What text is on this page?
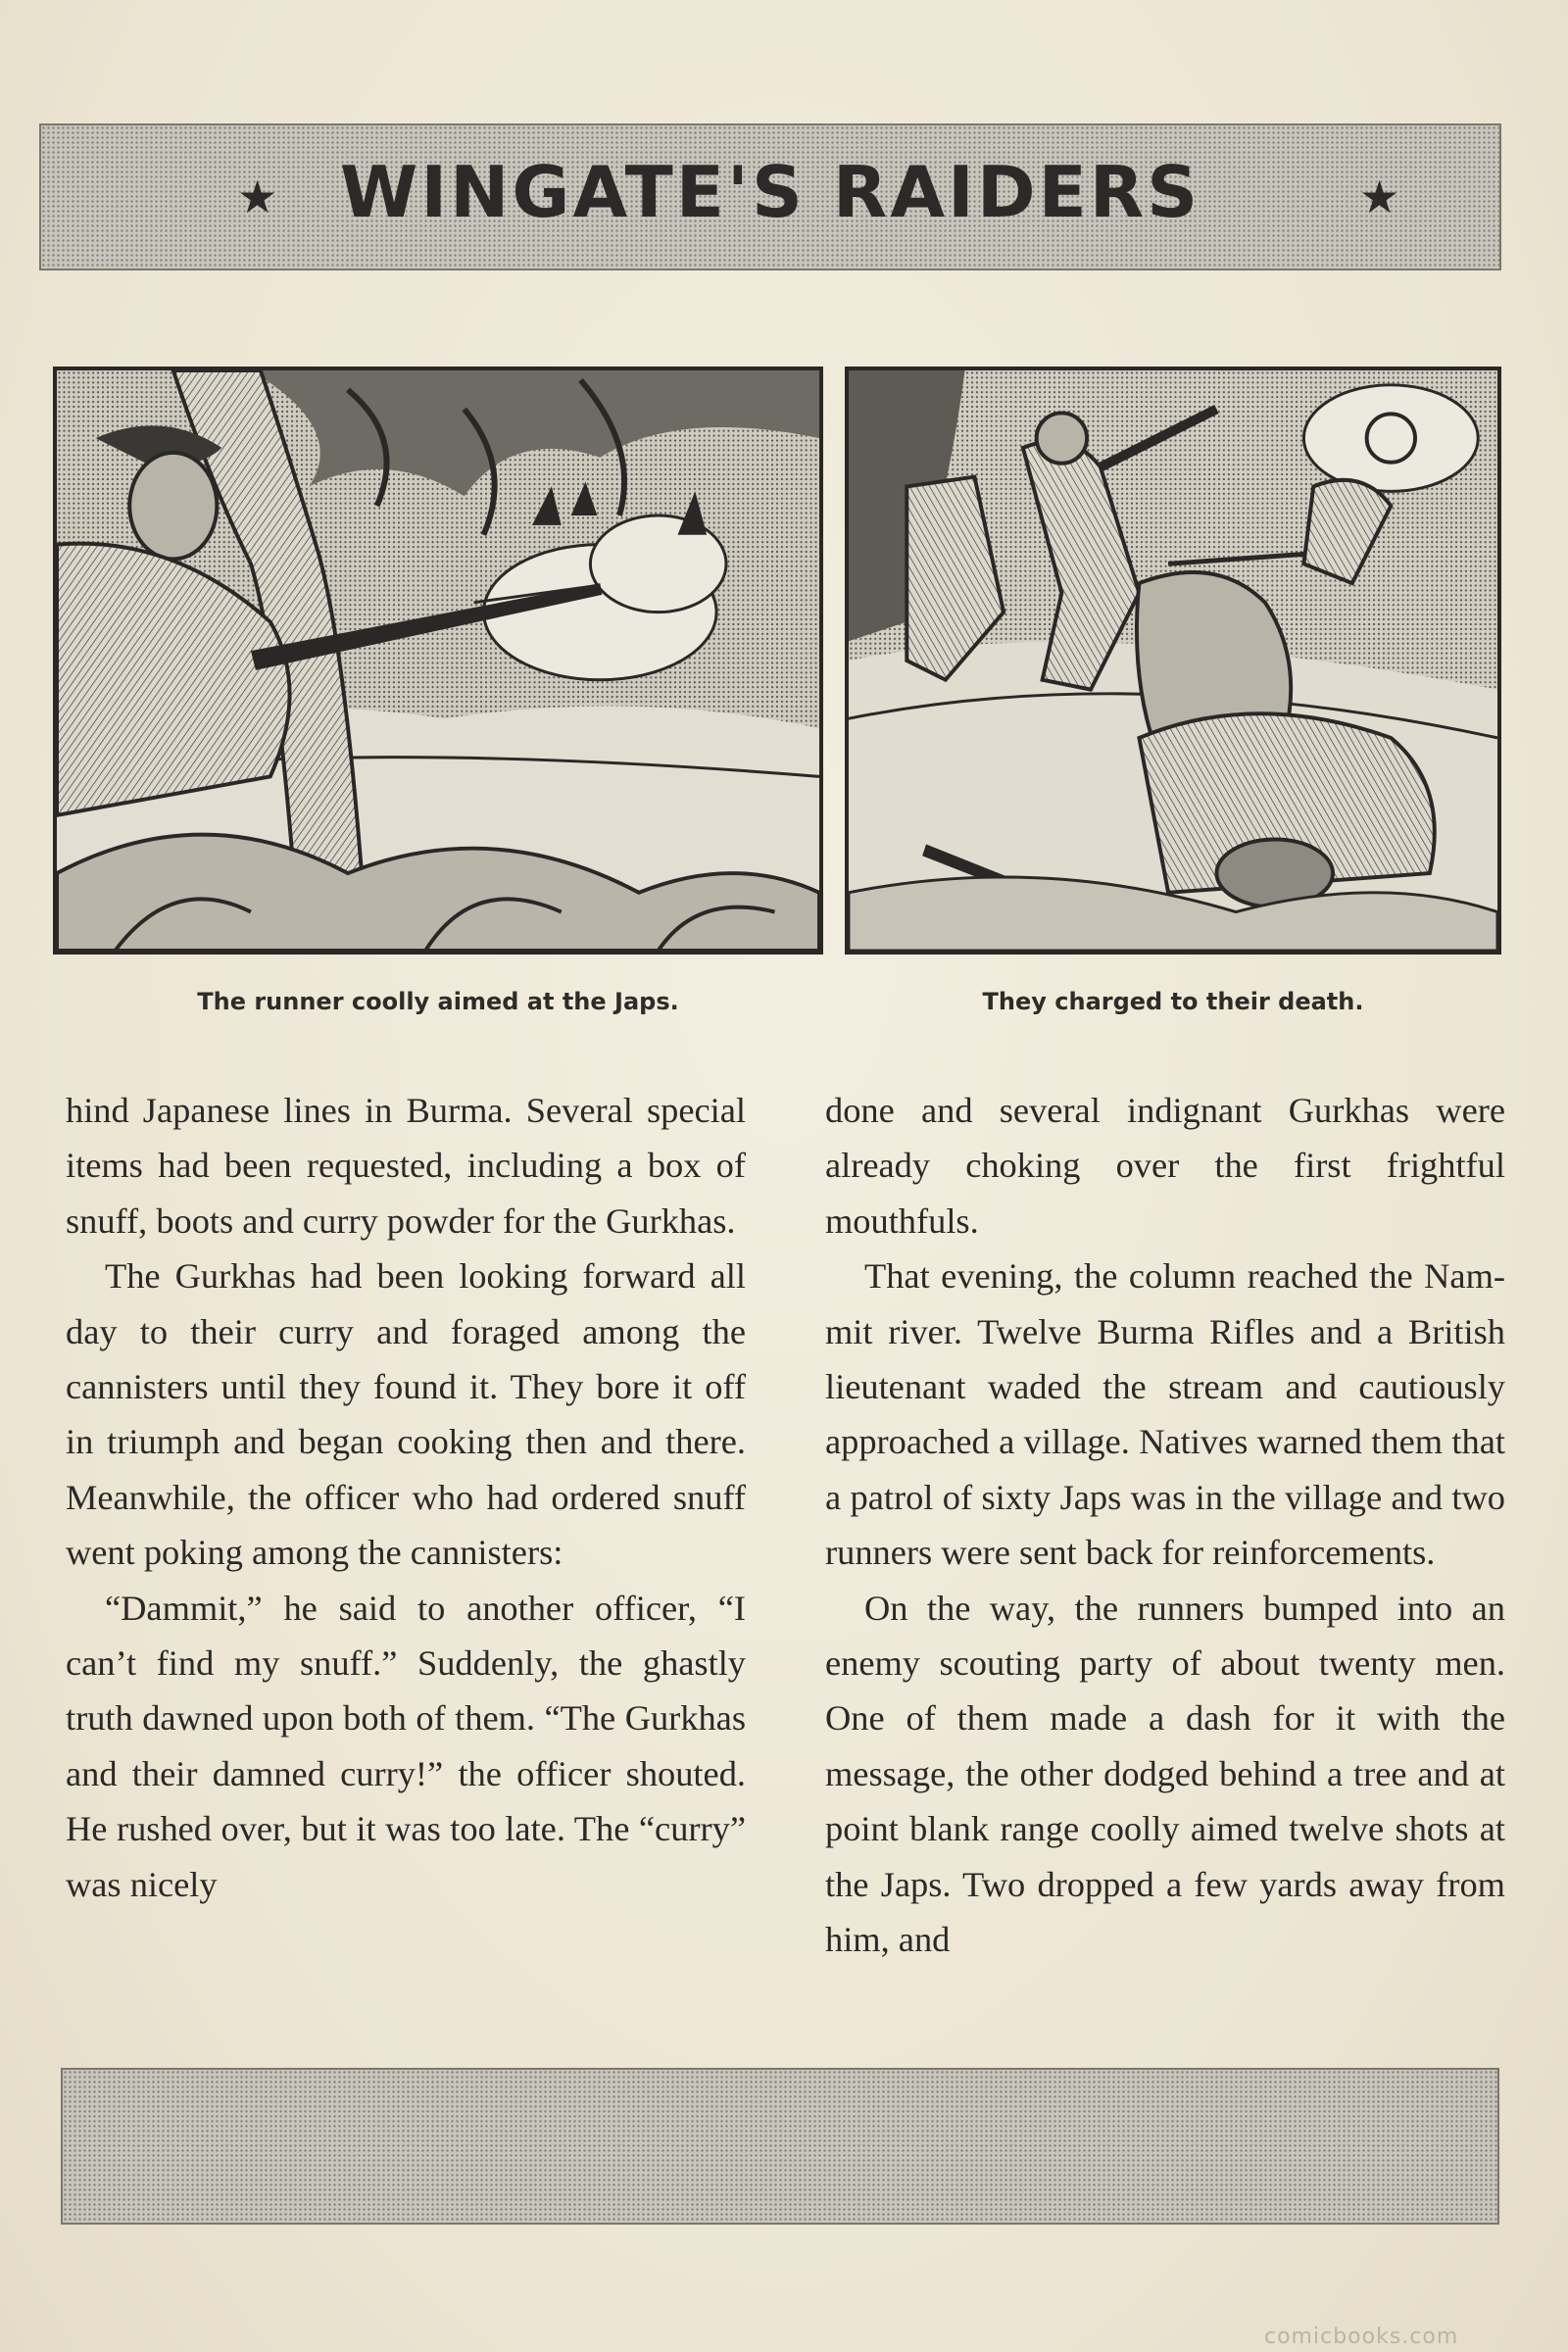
★ WINGATE'S RAIDERS	★
The runner coolly aimed at the Japs.	They charged to their death.

hind Japanese lines in Burma. Several special items had been requested, including a box of snuff, boots and curry powder for the Gurkhas.

The Gurkhas had been looking forward all day to their curry and foraged among the cannisters until they found it. They bore it off in triumph and began cooking then and there. Meanwhile, the officer who had ordered snuff went poking among the cannisters:

“Dammit,” he said to another officer, “I can’t find my snuff.” Suddenly, the ghastly truth dawned upon both of them. “The Gurkhas and their damned curry!” the officer shouted. He rushed over, but it was too late. The “curry” was nicely

done and several indignant Gurkhas were already choking over the first frightful mouthfuls.

That evening, the column reached the Nam-mit river. Twelve Burma Rifles and a British lieutenant waded the stream and cautiously approached a village. Natives warned them that a patrol of sixty Japs was in the village and two runners were sent back for reinforcements.

On the way, the runners bumped into an enemy scouting party of about twenty men. One of them made a dash for it with the message, the other dodged behind a tree and at point blank range coolly aimed twelve shots at the Japs. Two dropped a few yards away from him, and

comicbooks.com
